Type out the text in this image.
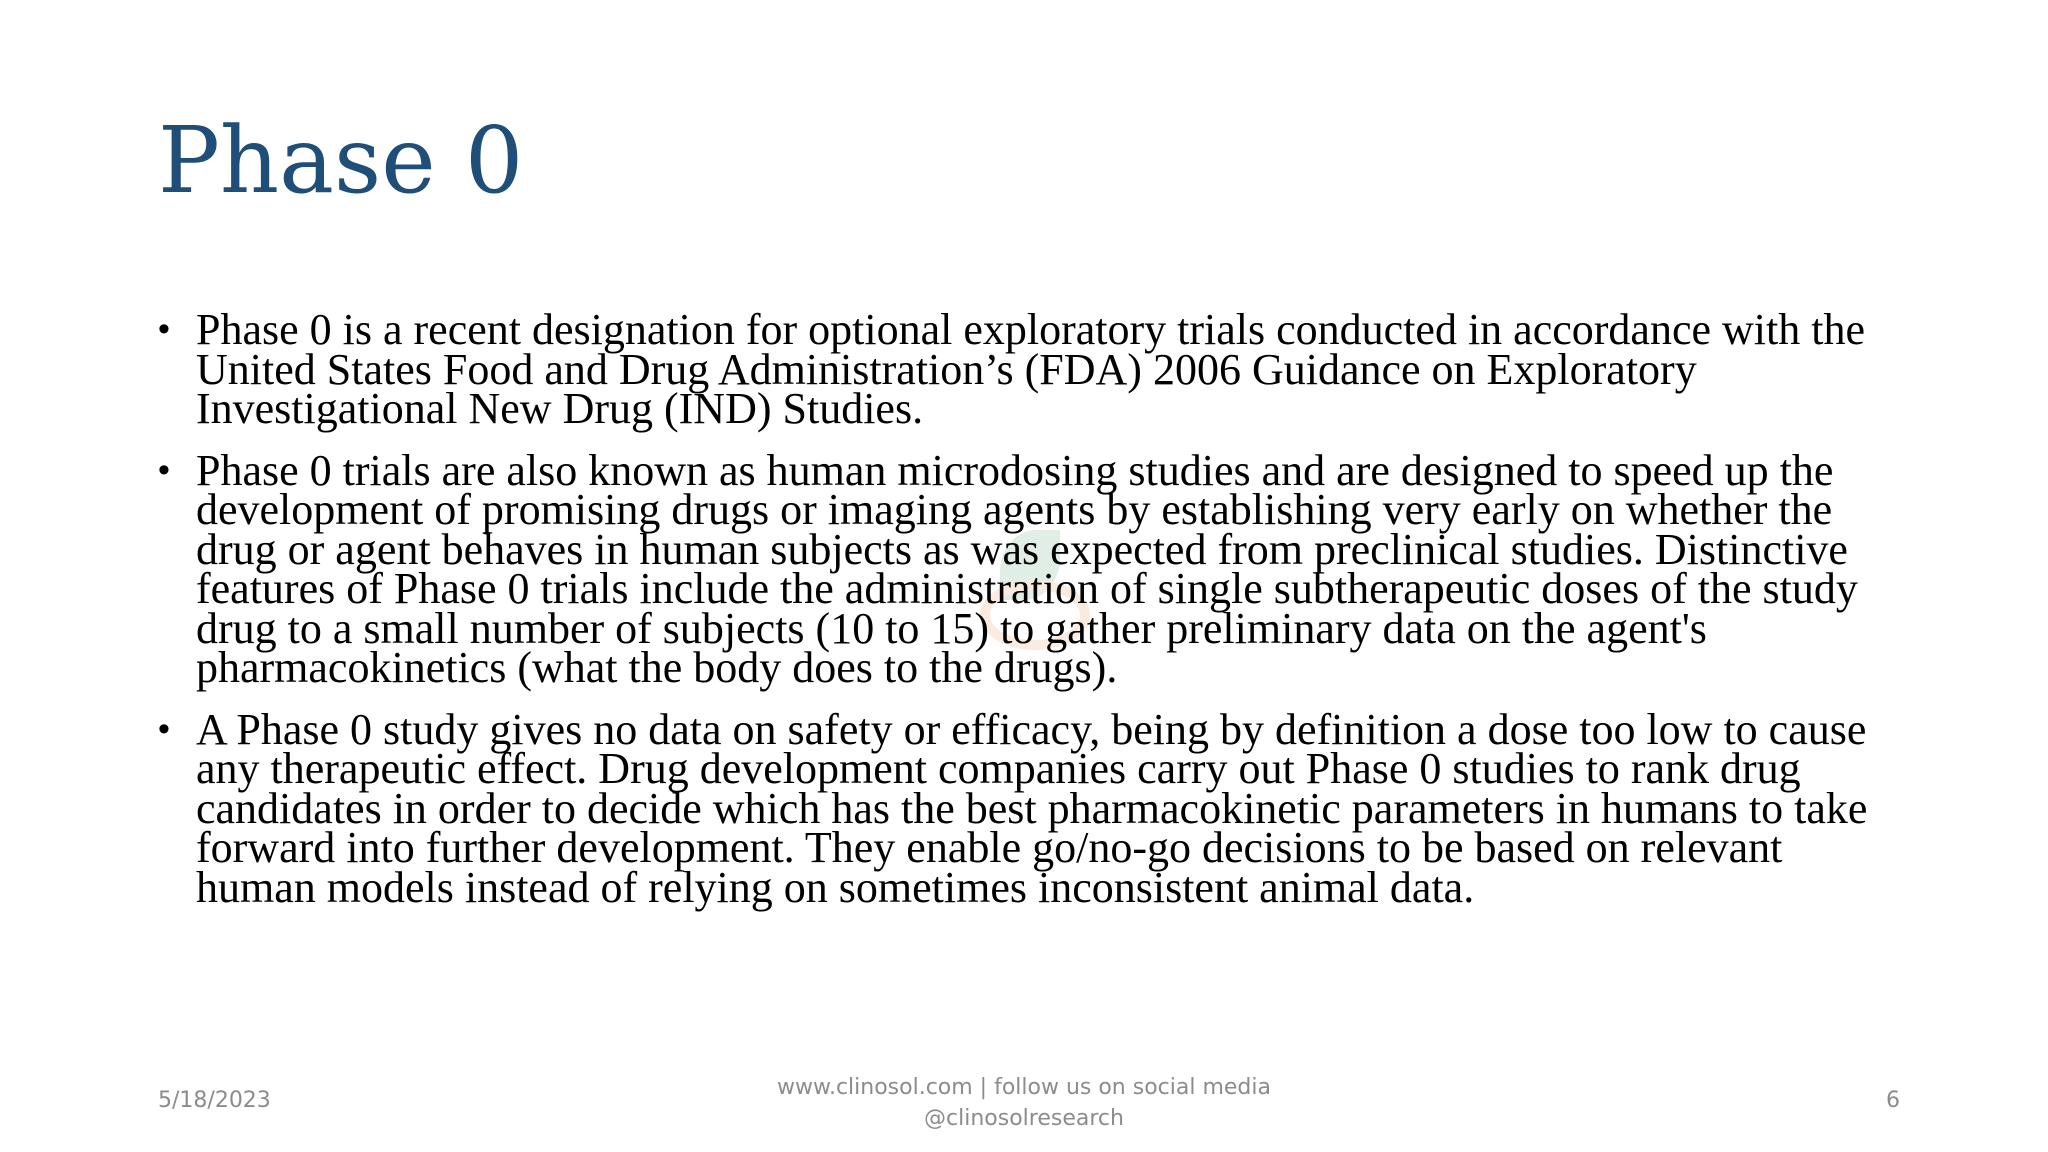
Phase 0
• Phase 0 is a recent designation for optional exploratory trials conducted in accordance with the United States Food and Drug Administration’s (FDA) 2006 Guidance on Exploratory Investigational New Drug (IND) Studies.
• Phase 0 trials are also known as human microdosing studies and are designed to speed up the development of promising drugs or imaging agents by establishing very early on whether the drug or agent behaves in human subjects as was expected from preclinical studies. Distinctive features of Phase 0 trials include the administration of single subtherapeutic doses of the study drug to a small number of subjects (10 to 15) to gather preliminary data on the agent's pharmacokinetics (what the body does to the drugs).
• A Phase 0 study gives no data on safety or efficacy, being by definition a dose too low to cause any therapeutic effect. Drug development companies carry out Phase 0 studies to rank drug candidates in order to decide which has the best pharmacokinetic parameters in humans to take forward into further development. They enable go/no-go decisions to be based on relevant human models instead of relying on sometimes inconsistent animal data.
5/18/2023
www.clinosol.com | follow us on social media
@clinosolresearch
6
